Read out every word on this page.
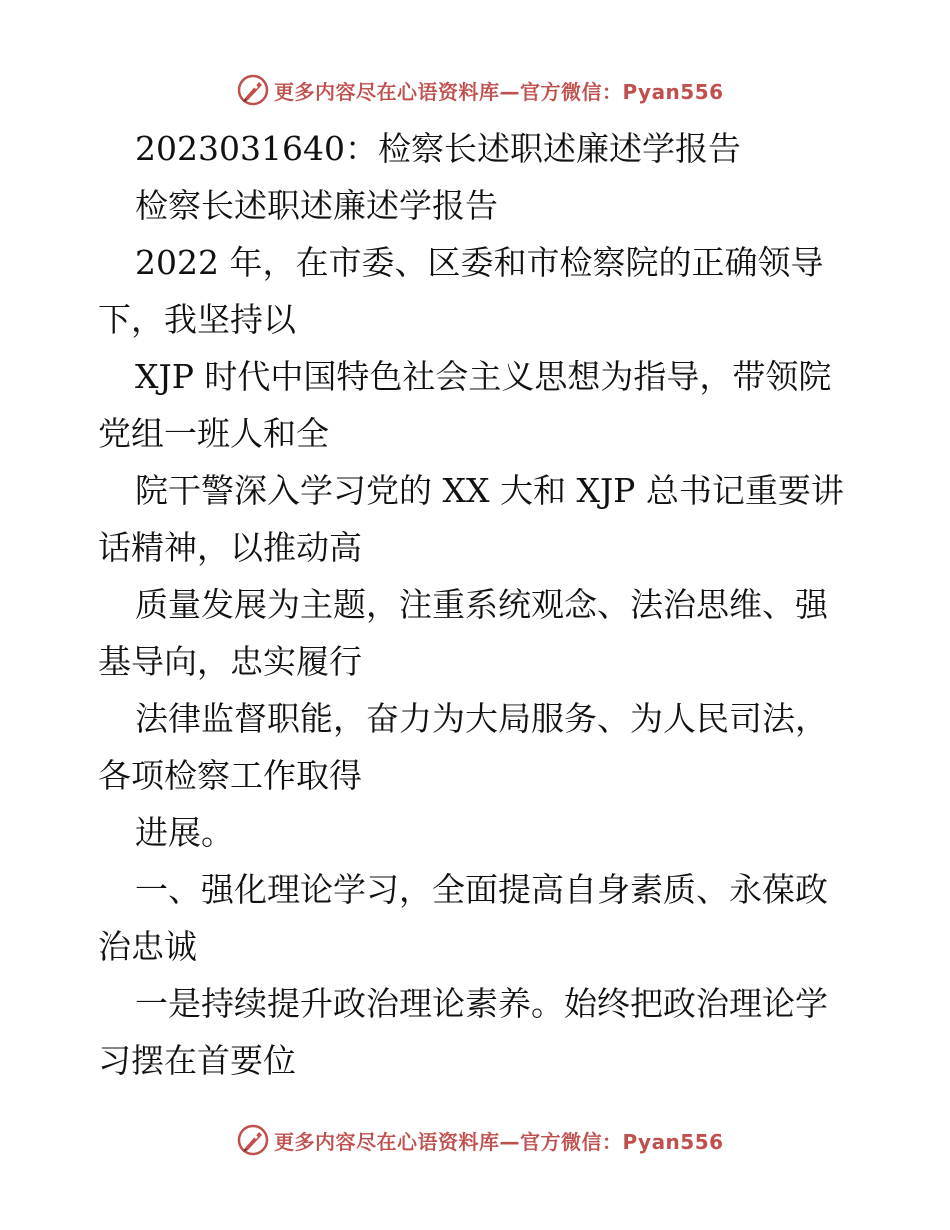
更多内容尽在心语资料库—官方微信：Pyan556

2023031640：检察长述职述廉述学报告

检察长述职述廉述学报告

2022 年，在市委、区委和市检察院的正确领导下，我坚持以

XJP 时代中国特色社会主义思想为指导，带领院党组一班人和全

院干警深入学习党的 XX 大和 XJP 总书记重要讲话精神，以推动高

质量发展为主题，注重系统观念、法治思维、强基导向，忠实履行

法律监督职能，奋力为大局服务、为人民司法，各项检察工作取得

进展。

一、强化理论学习，全面提高自身素质、永葆政治忠诚

一是持续提升政治理论素养。始终把政治理论学习摆在首要位

更多内容尽在心语资料库—官方微信：Pyan556
